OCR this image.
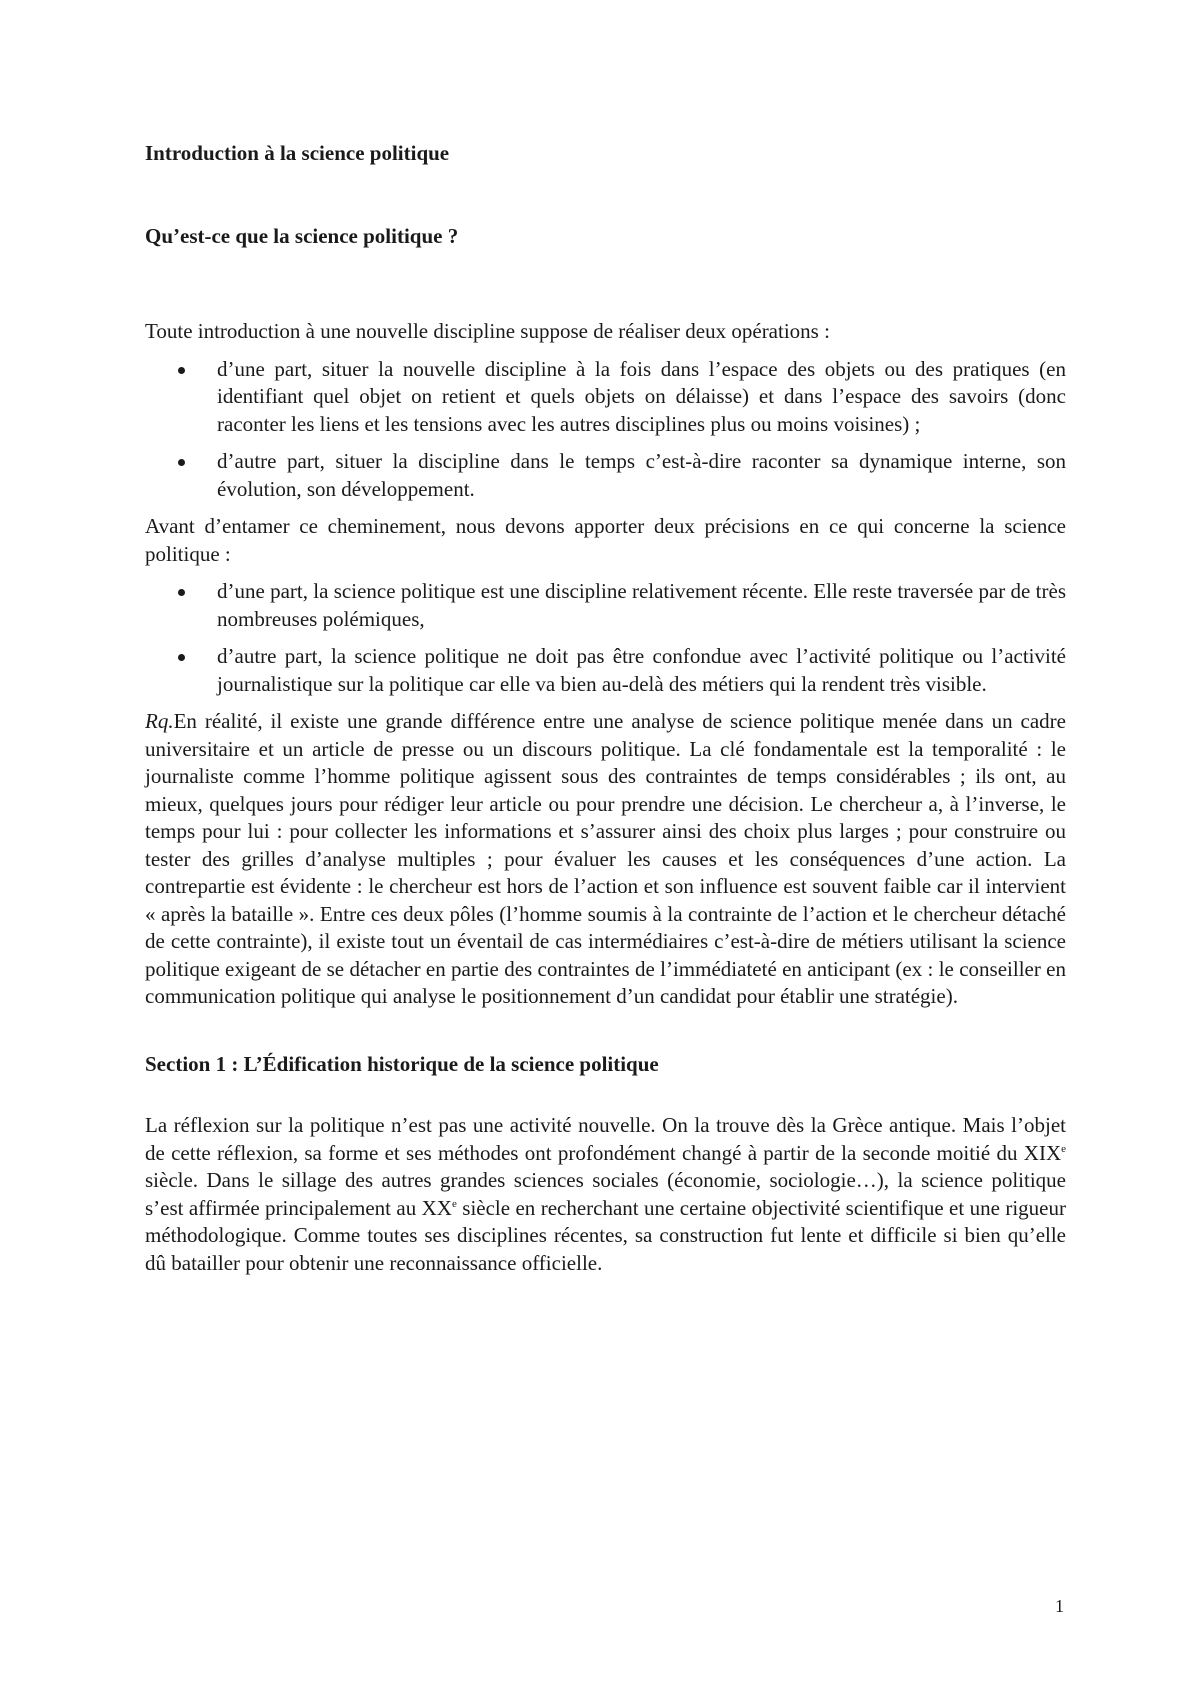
Introduction à la science politique

Qu’est-ce que la science politique ?

Toute introduction à une nouvelle discipline suppose de réaliser deux opérations :

d’une part, situer la nouvelle discipline à la fois dans l’espace des objets ou des pratiques (en identifiant quel objet on retient et quels objets on délaisse) et dans l’espace des savoirs (donc raconter les liens et les tensions avec les autres disciplines plus ou moins voisines) ;
d’autre part, situer la discipline dans le temps c’est-à-dire raconter sa dynamique interne, son évolution, son développement.

Avant d’entamer ce cheminement, nous devons apporter deux précisions en ce qui concerne la science politique :

d’une part, la science politique est une discipline relativement récente. Elle reste traversée par de très nombreuses polémiques,
d’autre part, la science politique ne doit pas être confondue avec l’activité politique ou l’activité journalistique sur la politique car elle va bien au-delà des métiers qui la rendent très visible.

Rq.En réalité, il existe une grande différence entre une analyse de science politique menée dans un cadre universitaire et un article de presse ou un discours politique. La clé fondamentale est la temporalité : le journaliste comme l’homme politique agissent sous des contraintes de temps considérables ; ils ont, au mieux, quelques jours pour rédiger leur article ou pour prendre une décision. Le chercheur a, à l’inverse, le temps pour lui : pour collecter les informations et s’assurer ainsi des choix plus larges ; pour construire ou tester des grilles d’analyse multiples ; pour évaluer les causes et les conséquences d’une action. La contrepartie est évidente : le chercheur est hors de l’action et son influence est souvent faible car il intervient « après la bataille ». Entre ces deux pôles (l’homme soumis à la contrainte de l’action et le chercheur détaché de cette contrainte), il existe tout un éventail de cas intermédiaires c’est-à-dire de métiers utilisant la science politique exigeant de se détacher en partie des contraintes de l’immédiateté en anticipant (ex : le conseiller en communication politique qui analyse le positionnement d’un candidat pour établir une stratégie).

Section 1 : L’Édification historique de la science politique

La réflexion sur la politique n’est pas une activité nouvelle. On la trouve dès la Grèce antique. Mais l’objet de cette réflexion, sa forme et ses méthodes ont profondément changé à partir de la seconde moitié du XIXe siècle. Dans le sillage des autres grandes sciences sociales (économie, sociologie…), la science politique s’est affirmée principalement au XXe siècle en recherchant une certaine objectivité scientifique et une rigueur méthodologique. Comme toutes ses disciplines récentes, sa construction fut lente et difficile si bien qu’elle dû batailler pour obtenir une reconnaissance officielle.

1
